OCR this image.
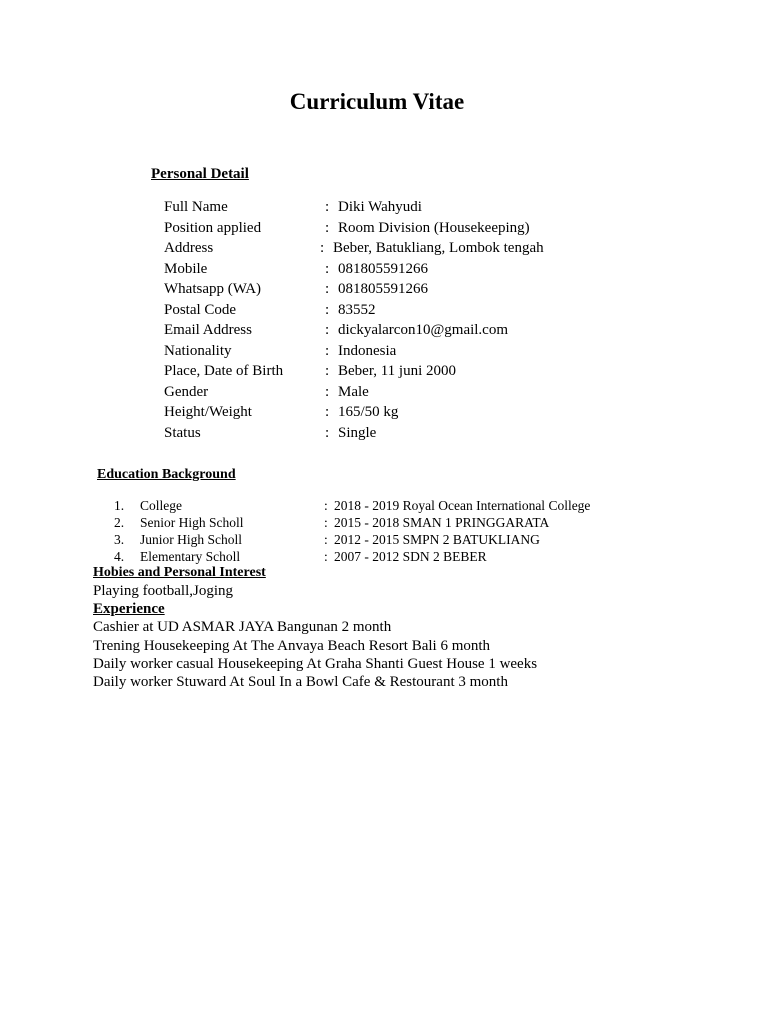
Curriculum Vitae
Personal Detail
Full Name	: Diki Wahyudi
Position applied	: Room Division (Housekeeping)
Address	: Beber, Batukliang, Lombok tengah
Mobile	: 081805591266
Whatsapp (WA)	: 081805591266
Postal Code	: 83552
Email Address	: dickyalarcon10@gmail.com
Nationality	: Indonesia
Place, Date of Birth	: Beber, 11 juni 2000
Gender	: Male
Height/Weight	: 165/50 kg
Status	: Single
Education Background
1. College	: 2018 - 2019 Royal Ocean International College
2. Senior High Scholl	: 2015 - 2018 SMAN 1 PRINGGARATA
3. Junior High Scholl	: 2012 - 2015 SMPN 2 BATUKLIANG
4. Elementary Scholl	: 2007 - 2012 SDN 2 BEBER
Hobies and Personal Interest

Playing football,Joging

Experience

Cashier at UD ASMAR JAYA Bangunan 2 month

Trening Housekeeping At The Anvaya Beach Resort Bali 6 month

Daily worker casual Housekeeping At Graha Shanti Guest House 1 weeks

Daily worker Stuward At Soul In a Bowl Cafe & Restourant 3 month
